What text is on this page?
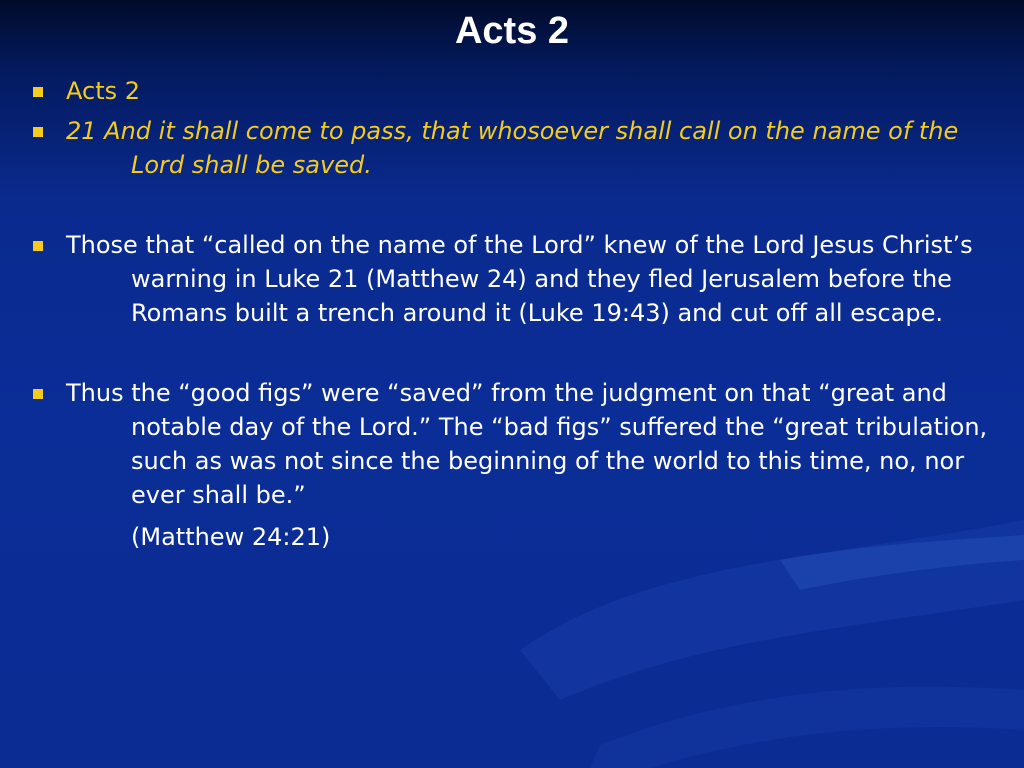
Acts 2

Acts 2

21 And it shall come to pass, that whosoever shall call on the name of the Lord shall be saved.

Those that “called on the name of the Lord” knew of the Lord Jesus Christ’s warning in Luke 21 (Matthew 24) and they fled Jerusalem before the Romans built a trench around it (Luke 19:43) and cut off all escape.

Thus the “good figs” were “saved” from the judgment on that “great and notable day of the Lord.” The “bad figs” suffered the “great tribulation, such as was not since the beginning of the world to this time, no, nor ever shall be.”

(Matthew 24:21)
